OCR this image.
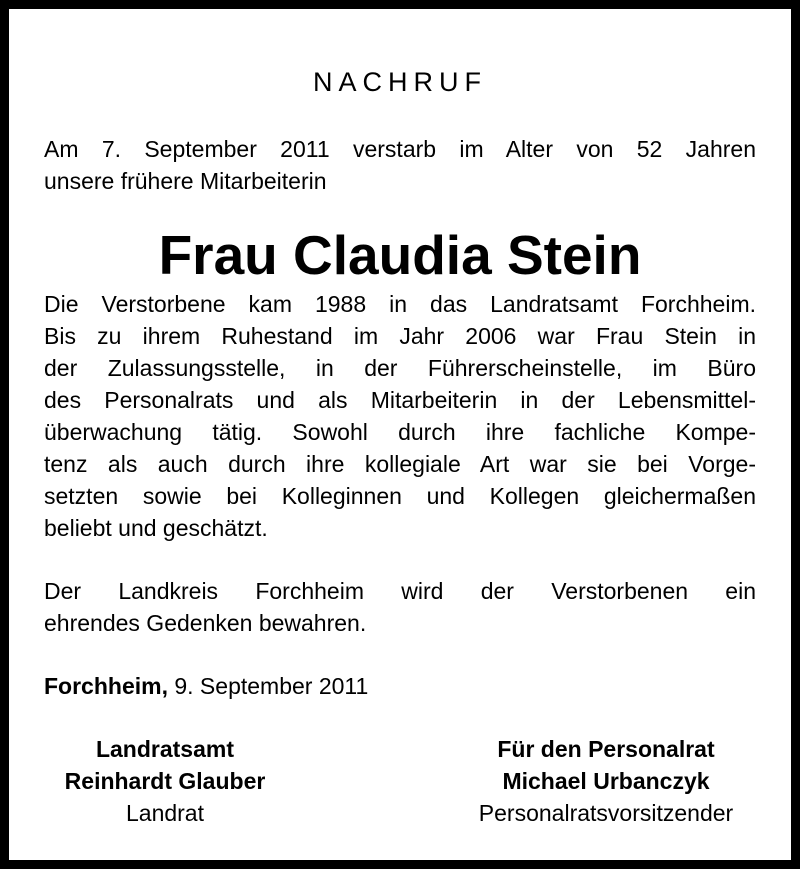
NACHRUF
Am 7. September 2011 verstarb im Alter von 52 Jahren
unsere frühere Mitarbeiterin
Frau Claudia Stein
Die Verstorbene kam 1988 in das Landratsamt Forchheim.
Bis zu ihrem Ruhestand im Jahr 2006 war Frau Stein in
der Zulassungsstelle, in der Führerscheinstelle, im Büro
des Personalrats und als Mitarbeiterin in der Lebensmittel-
überwachung tätig. Sowohl durch ihre fachliche Kompe-
tenz als auch durch ihre kollegiale Art war sie bei Vorge-
setzten sowie bei Kolleginnen und Kollegen gleichermaßen
beliebt und geschätzt.
Der Landkreis Forchheim wird der Verstorbenen ein
ehrendes Gedenken bewahren.
Forchheim, 9. September 2011
Landratsamt
Reinhardt Glauber
Landrat
Für den Personalrat
Michael Urbanczyk
Personalratsvorsitzender
